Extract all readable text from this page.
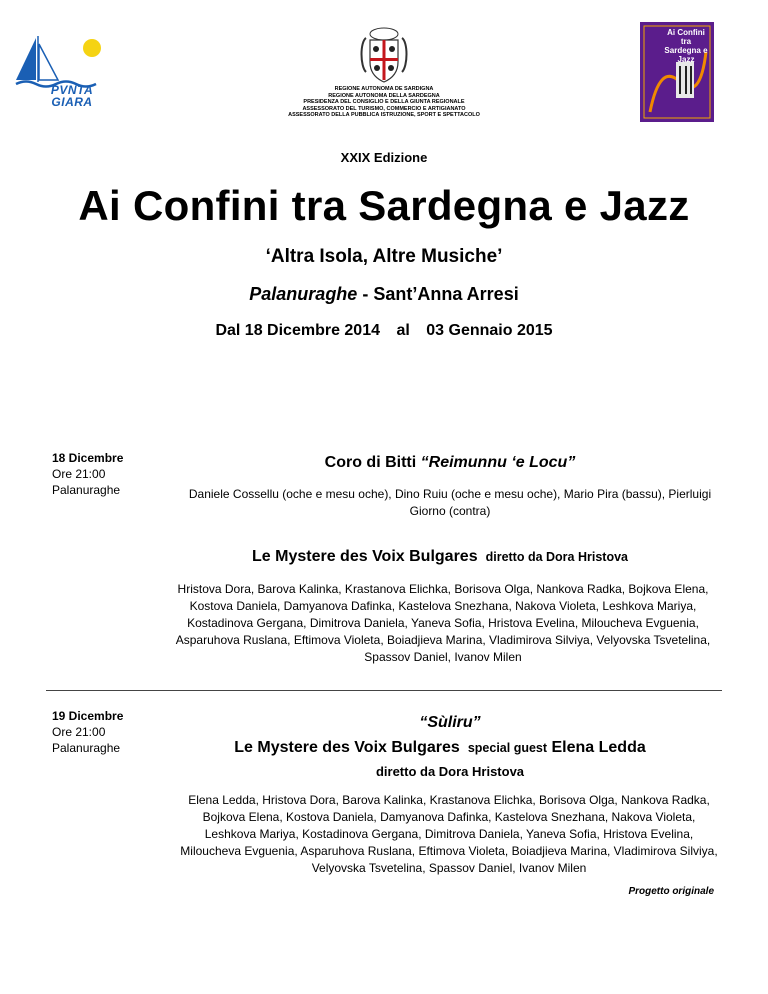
PVNTA GIARA
REGIONE AUTONOMA DE SARDIGNA
REGIONE AUTONOMA DELLA SARDEGNA
PRESIDENZA DEL CONSIGLIO E DELLA GIUNTA REGIONALE
ASSESSORATO DEL TURISMO, COMMERCIO E ARTIGIANATO
ASSESSORATO DELLA PUBBLICA ISTRUZIONE, SPORT E SPETTACOLO
Ai Confini tra Sardegna e Jazz
XXIX Edizione
Ai Confini tra Sardegna e Jazz
‘Altra Isola, Altre Musiche’
Palanuraghe - Sant’Anna Arresi
Dal 18 Dicembre 2014 al 03 Gennaio 2015
18 Dicembre
Ore 21:00
Palanuraghe
Coro di Bitti “Reimunnu ‘e Locu”
Daniele Cossellu (oche e mesu oche), Dino Ruiu (oche e mesu oche), Mario Pira (bassu), Pierluigi Giorno (contra)
Le Mystere des Voix Bulgares diretto da Dora Hristova
Hristova Dora, Barova Kalinka, Krastanova Elichka, Borisova Olga, Nankova Radka, Bojkova Elena, Kostova Daniela, Damyanova Dafinka, Kastelova Snezhana, Nakova Violeta, Leshkova Mariya, Kostadinova Gergana, Dimitrova Daniela, Yaneva Sofia, Hristova Evelina, Miloucheva Evguenia, Asparuhova Ruslana, Eftimova Violeta, Boiadjieva Marina, Vladimirova Silviya, Velyovska Tsvetelina, Spassov Daniel, Ivanov Milen
19 Dicembre
Ore 21:00
Palanuraghe
“Sùliru”
Le Mystere des Voix Bulgares special guest Elena Ledda
diretto da Dora Hristova
Elena Ledda, Hristova Dora, Barova Kalinka, Krastanova Elichka, Borisova Olga, Nankova Radka, Bojkova Elena, Kostova Daniela, Damyanova Dafinka, Kastelova Snezhana, Nakova Violeta, Leshkova Mariya, Kostadinova Gergana, Dimitrova Daniela, Yaneva Sofia, Hristova Evelina, Miloucheva Evguenia, Asparuhova Ruslana, Eftimova Violeta, Boiadjieva Marina, Vladimirova Silviya, Velyovska Tsvetelina, Spassov Daniel, Ivanov Milen
Progetto originale
